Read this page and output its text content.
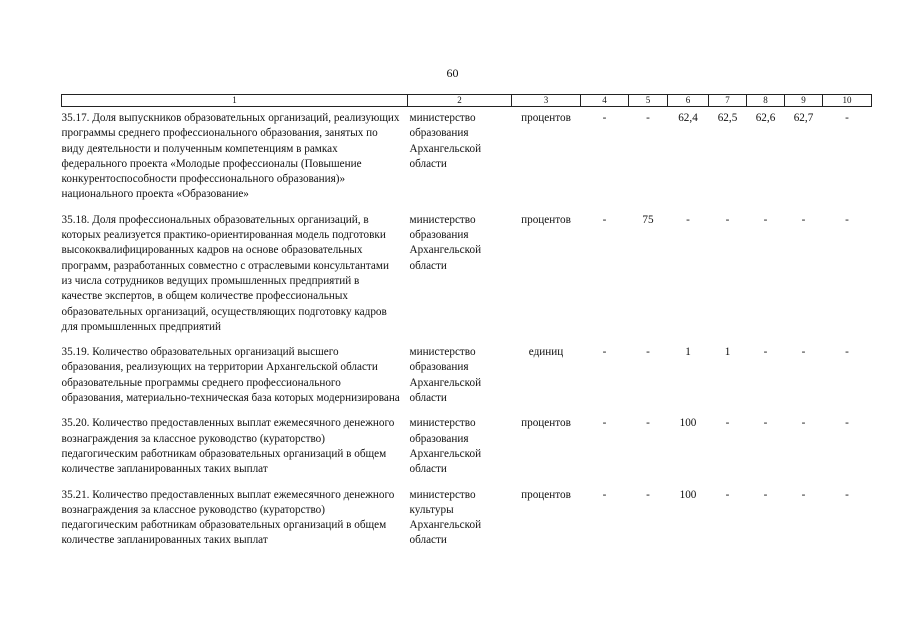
60
1	2	3	4	5	6	7	8	9	10
35.17. Доля выпускников образовательных организаций, реализующих программы среднего профессионального образования, занятых по виду деятельности и полученным компетенциям в рамках федерального проекта «Молодые профессионалы (Повышение конкурентоспособности профессионального образования)» национального проекта «Образование»	министерство образования Архангельской области	процентов	-	-	62,4	62,5	62,6	62,7	-
35.18. Доля профессиональных образовательных организаций, в которых реализуется практико-ориентированная модель подготовки высококвалифицированных кадров на основе образовательных программ, разработанных совместно с отраслевыми консультантами из числа сотрудников ведущих промышленных предприятий в качестве экспертов, в общем количестве профессиональных образовательных организаций, осуществляющих подготовку кадров для промышленных предприятий	министерство образования Архангельской области	процентов	-	75	-	-	-	-	-
35.19. Количество образовательных организаций высшего образования, реализующих на территории Архангельской области образовательные программы среднего профессионального образования, материально-техническая база которых модернизирована	министерство образования Архангельской области	единиц	-	-	1	1	-	-	-
35.20. Количество предоставленных выплат ежемесячного денежного вознаграждения за классное руководство (кураторство) педагогическим работникам образовательных организаций в общем количестве запланированных таких выплат	министерство образования Архангельской области	процентов	-	-	100	-	-	-	-
35.21. Количество предоставленных выплат ежемесячного денежного вознаграждения за классное руководство (кураторство) педагогическим работникам образовательных организаций в общем количестве запланированных таких выплат	министерство культуры Архангельской области	процентов	-	-	100	-	-	-	-
